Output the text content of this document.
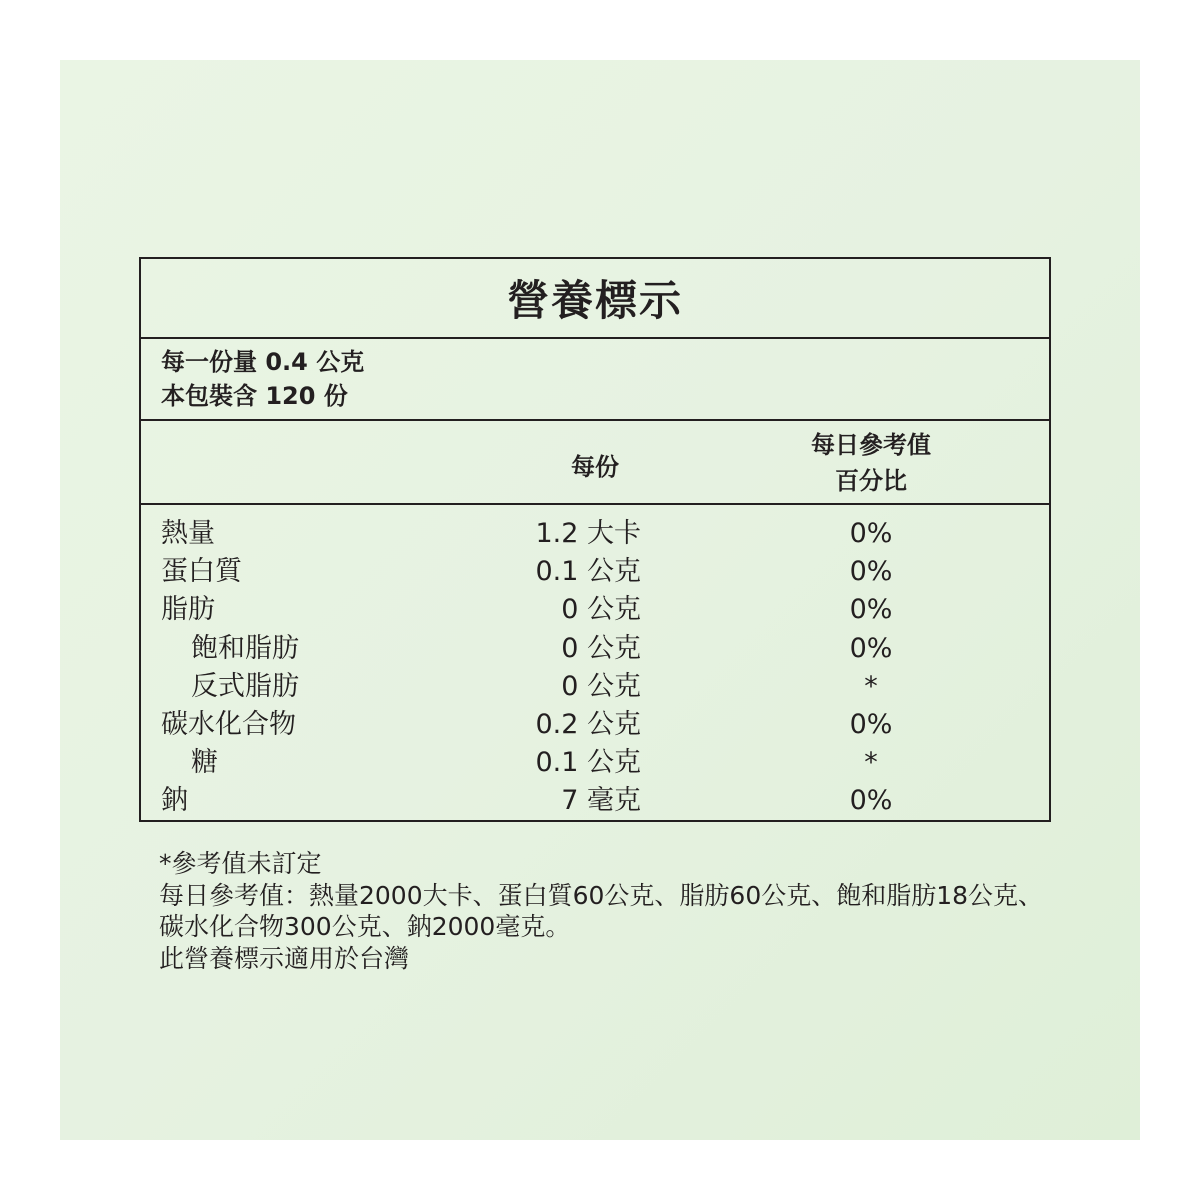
營養標示
每一份量 0.4 公克
本包裝含 120 份
每份
每日參考值
百分比
熱量	1.2 大卡	0%
蛋白質	0.1 公克	0%
脂肪	0 公克	0%
飽和脂肪	0 公克	0%
反式脂肪	0 公克	*
碳水化合物	0.2 公克	0%
糖	0.1 公克	*
鈉	7 毫克	0%
*參考值未訂定
每日參考值：熱量2000大卡、蛋白質60公克、脂肪60公克、飽和脂肪18公克、
碳水化合物300公克、鈉2000毫克。
此營養標示適用於台灣
